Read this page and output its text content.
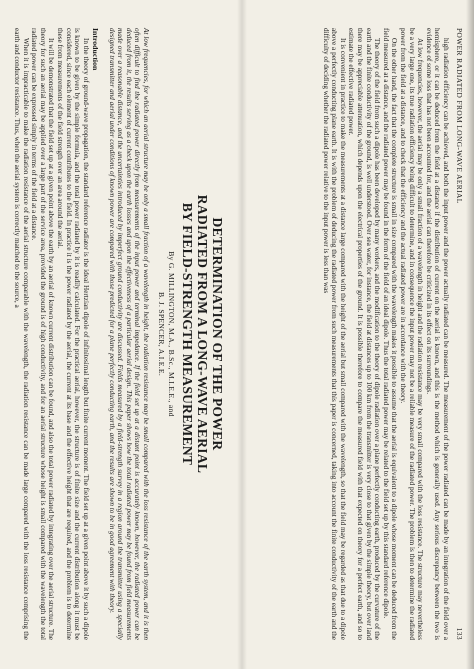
DETERMINATION OF THE POWER
RADIATED FROM A LONG-WAVE AERIAL
BY FIELD-STRENGTH MEASUREMENT
By G. MILLINGTON, M.A., B.Sc., M.I.E.E., and
B. J. SPENCER, A.I.E.E.

At low frequencies, for which an aerial structure may be only a small fraction of a wavelength in height, the radiation resistance may be small compared with the loss resistance of the earth system, and it is then often difficult to find the radiated power directly from measurements of the input power and terminal impedance. If the field set up at a distant point is accurately known, however, the radiated power can be deduced from it, the results serving as a check upon the earth losses and upon the effectiveness of a particular aerial design. This paper shows how the total radiated power may be found from field measurements made over a reasonable distance, and the uncertainties introduced by imperfect ground conductivity are discussed. Fields measured by a field-strength survey in a region around the transmitter using a specially designed transmitter and aerial under conditions of known power are compared with those predicted for a plane perfectly conducting earth, and the results are shown to be in good agreement with theory.

Introduction

In the theory of ground-wave propagation, the standard reference radiator is the ideal Hertzian dipole of infinitesimal length but finite current moment. The field set up at a given point above it by such a dipole is known to be given by the simple formula, and the total power radiated by it is readily calculated. For the practical aerial, however, the structure is of finite size and the current distribution along it must be considered, since each element of current contributes to the field. In practice it is the power radiated by the aerial, the current at its base and the effective height that are required, and the problem is to determine these from measurements of the field strength over an area around the aerial.

It will be demonstrated that the field set up at a given point above the earth by an aerial of known current distribution can be found, and also the total power radiated by integrating over the aerial structure. The theory for such an aerial may be applied over a large part of the service area, provided the ground is of high conductivity, and for an aerial structure whose height is small compared with the wavelength the total radiated power can be expressed simply in terms of the field at a distance.

When it is impracticable to make the radiation resistance of the aerial structure comparable with the wavelength, the radiation resistance can be made large compared with the loss resistance comprising the earth and conductor resistance. Thus, when the aerial system is correctly matched to the source, a	POWER RADIATED FROM LONG-WAVE AERIAL
133

high radiation efficiency can be achieved, and both the input power and the power actually radiated can be measured. The measurement of the power radiated can be made by an integration of the field over a hemisphere, or it can be deduced from the field at a distance if the distribution of current on the aerial is known, and this is the method which is generally used. Any serious discrepancy between the two is evidence of some loss that has not been accounted for, and the aerial can therefore be criticized in its effect on its surroundings.

At low frequencies, however, the aerial may be only a small fraction of a wavelength in height and the radiation resistance may be very small compared with the loss resistance. The structure may nevertheless be a very large one, its true radiation efficiency being difficult to determine, and in consequence the input power may not be a reliable measure of the radiated power. The problem is then to determine the radiated power from the field at a distance, and to check that the efficiency and the actual radiated power are in accordance with the theory.

On the other hand, the fact that the complete structure is small in size compared with the wavelength makes it possible to assume that the aerial is equivalent to a dipole whose moment can be deduced from the field measured at a distance, and the radiated power may be found in the form of the field of an ideal dipole. Thus the total radiated power may be related to the field set up by this standard reference dipole.

The theory of the field from such a dipole has been developed by many workers, and the modification to the theory of dipole radiation over a plane perfectly conducting earth, produced by the curvature of the earth and the finite conductivity of the ground, is well understood. Over sea water, for instance, the field at distances up to 100 km from the transmitter is very close to that given by the simple theory, but over land there may be appreciable attenuation, which depends upon the electrical properties of the ground. It is possible therefore to compare the measured field with that expected on theory for a perfect earth, and so to estimate the effective radiated power.

It is convenient in practice to make the measurements at a distance large compared with the height of the aerial but small compared with the wavelength, so that the field may be regarded as that due to a dipole above a perfectly conducting plane earth. It is with the problem of deducing the radiated power from such measurements that this paper is concerned, taking into account the finite conductivity of the earth and the difficulty of deciding whether the radiated power relative to the input power is less than was
